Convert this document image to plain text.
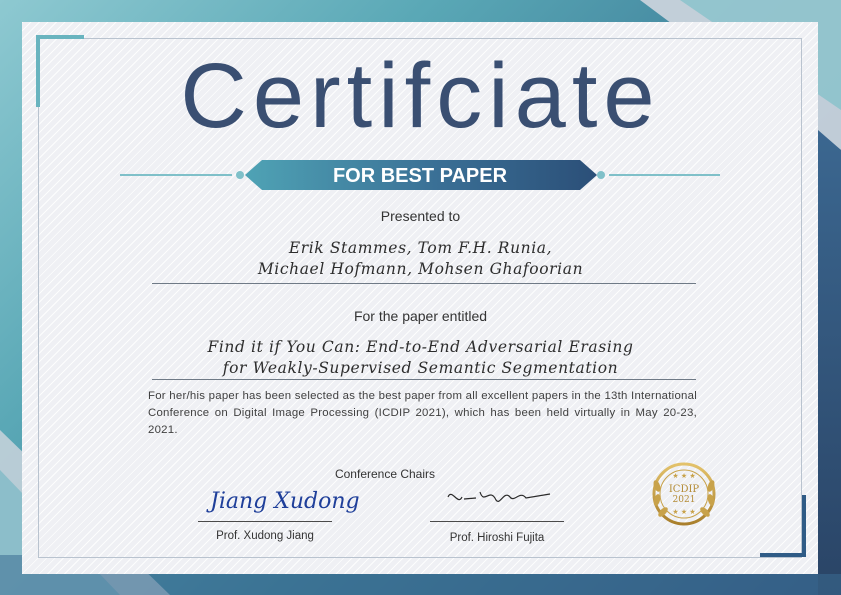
★ ★ ★
★ ★ ★
Certifciate
FOR BEST PAPER
Presented to
Erik Stammes, Tom F.H. Runia,
Michael Hofmann, Mohsen Ghafoorian
For the paper entitled
Find it if You Can: End-to-End Adversarial Erasing
for Weakly-Supervised Semantic Segmentation
For her/his paper has been selected as the best paper from all excellent papers in the 13th International Conference on Digital Image Processing (ICDIP 2021), which has been held virtually in May 20-23, 2021.
Conference Chairs
Jiang Xudong
Prof. Xudong Jiang	Prof. Hiroshi Fujita
ICDIP
2021
